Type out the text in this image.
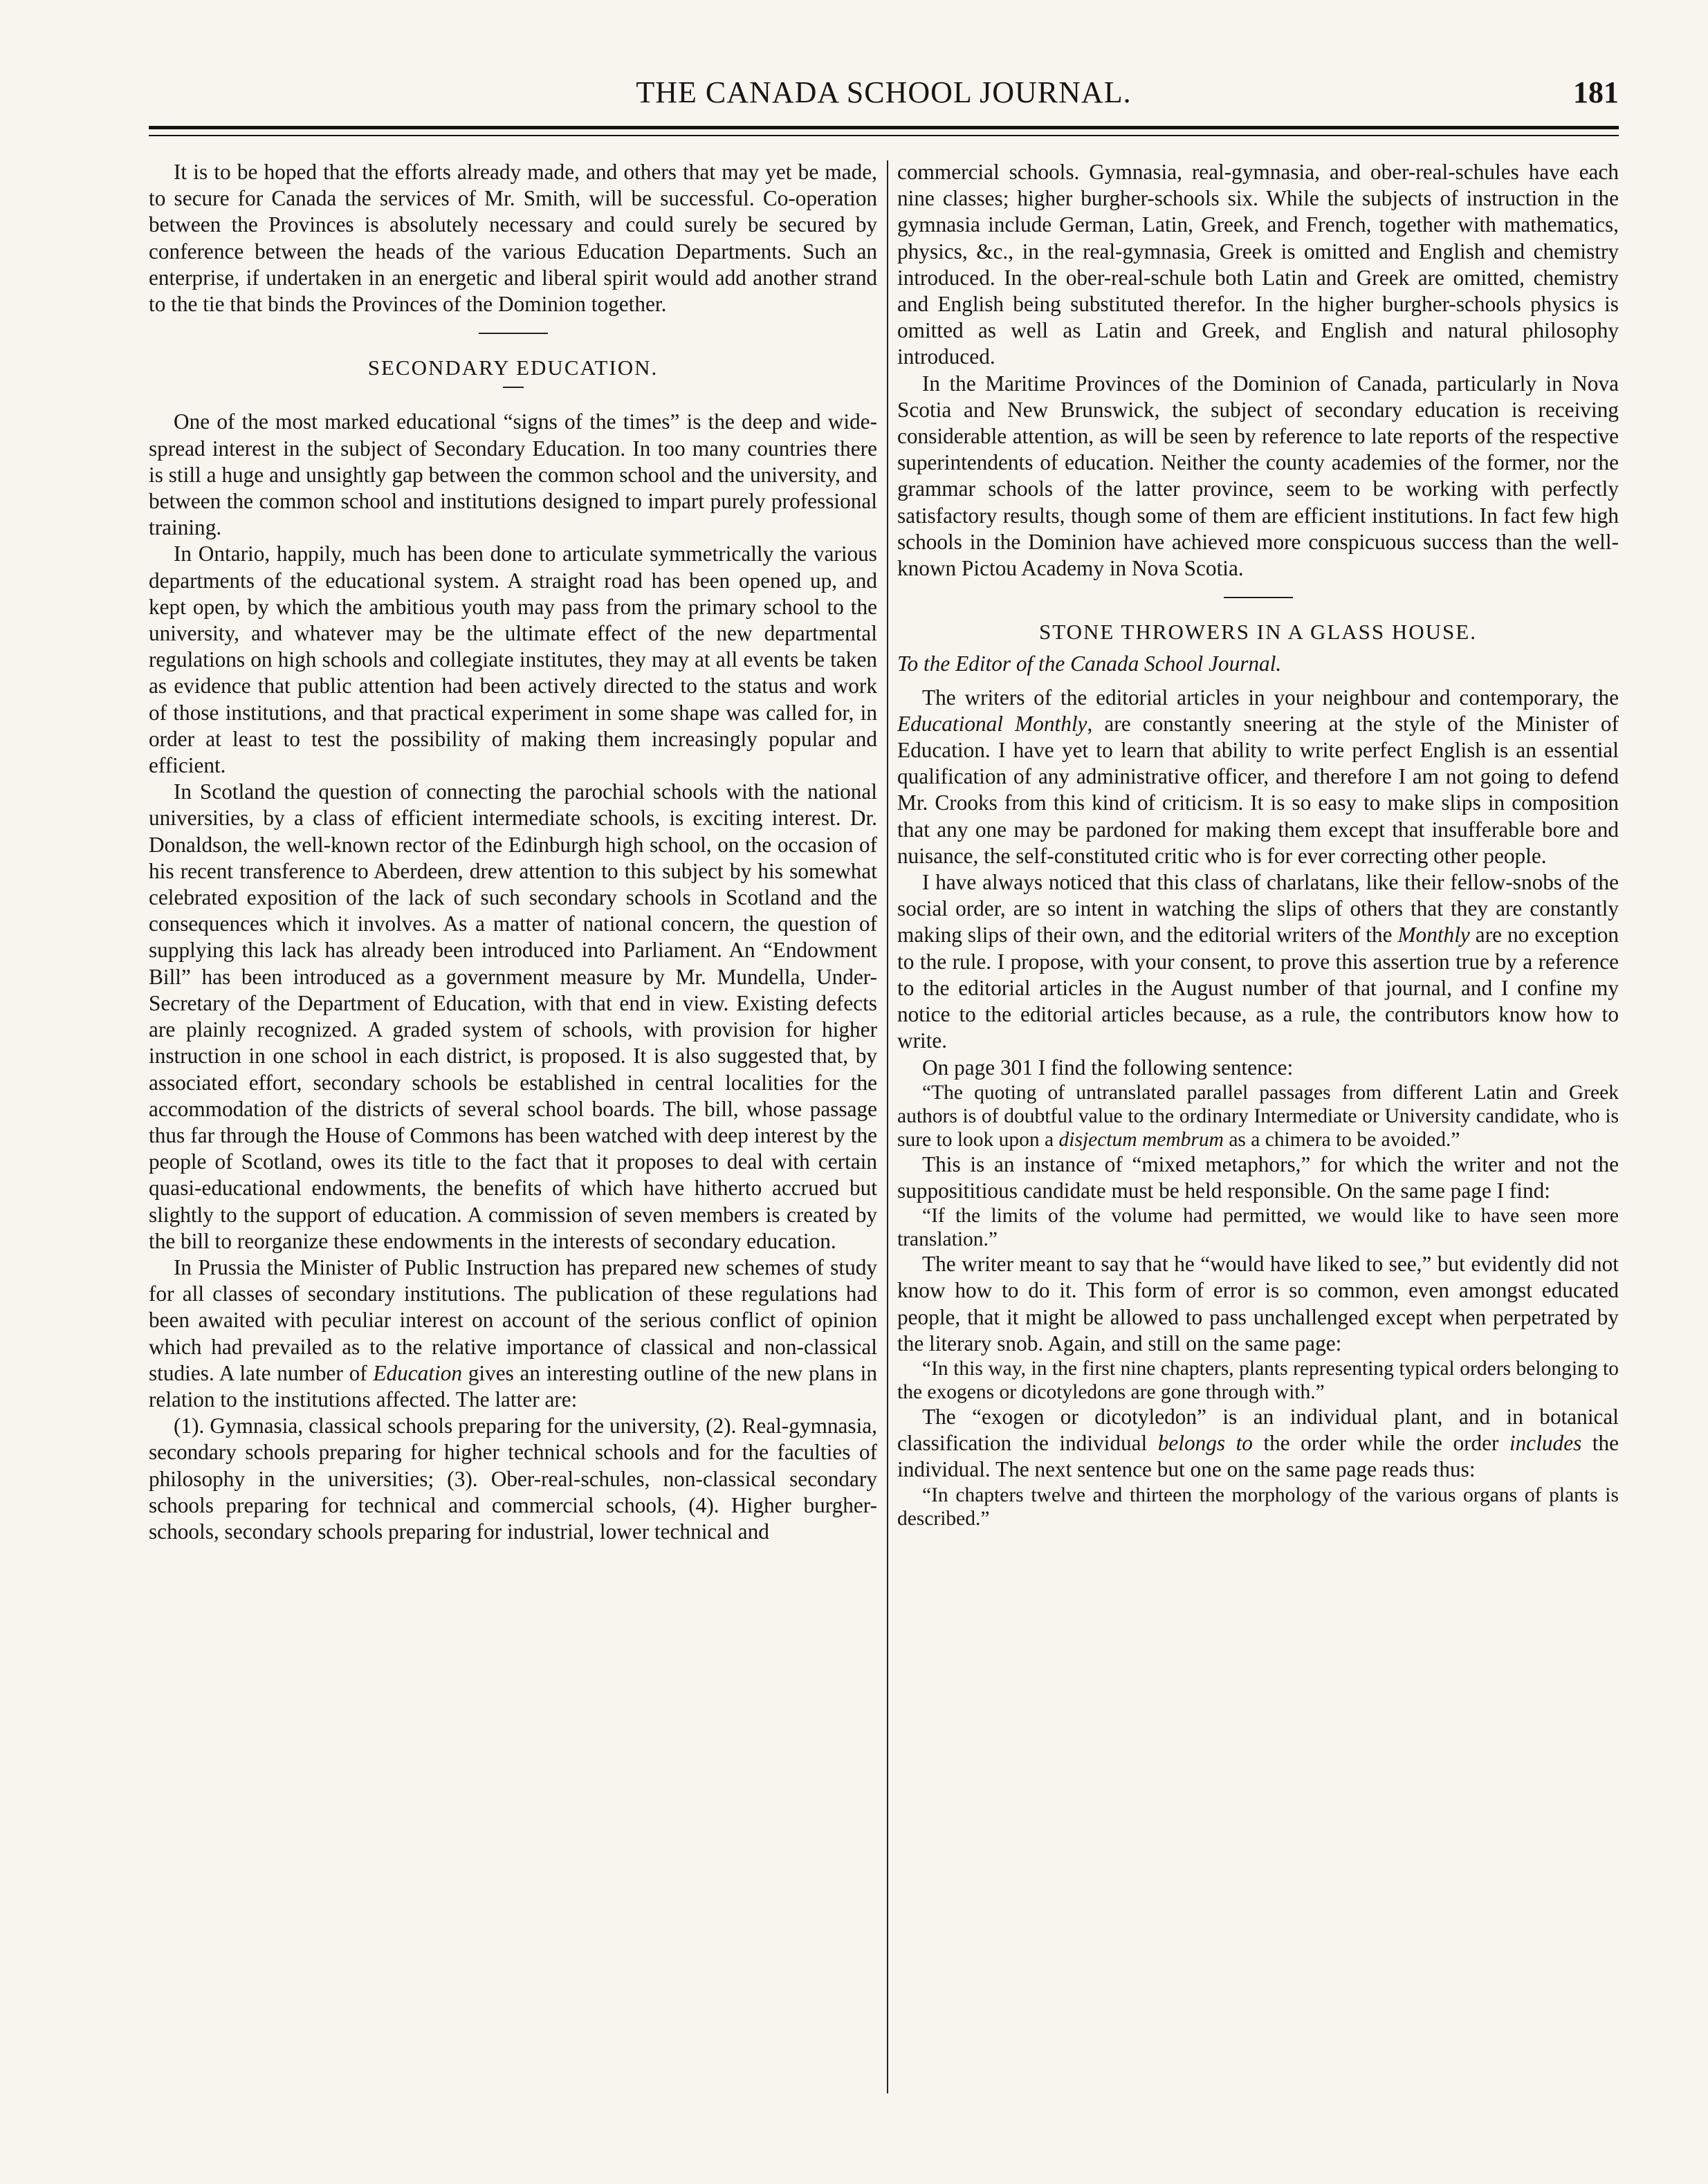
THE CANADA SCHOOL JOURNAL.	181

It is to be hoped that the efforts already made, and others that may yet be made, to secure for Canada the services of Mr. Smith, will be successful. Co-operation between the Provinces is absolutely necessary and could surely be secured by conference between the heads of the various Education Departments. Such an enterprise, if undertaken in an energetic and liberal spirit would add another strand to the tie that binds the Provinces of the Dominion together.

SECONDARY EDUCATION.

One of the most marked educational “signs of the times” is the deep and wide-spread interest in the subject of Secondary Education. In too many countries there is still a huge and unsightly gap between the common school and the university, and between the common school and institutions designed to impart purely professional training.

In Ontario, happily, much has been done to articulate symmetrically the various departments of the educational system. A straight road has been opened up, and kept open, by which the ambitious youth may pass from the primary school to the university, and whatever may be the ultimate effect of the new departmental regulations on high schools and collegiate institutes, they may at all events be taken as evidence that public attention had been actively directed to the status and work of those institutions, and that practical experiment in some shape was called for, in order at least to test the possibility of making them increasingly popular and efficient.

In Scotland the question of connecting the parochial schools with the national universities, by a class of efficient intermediate schools, is exciting interest. Dr. Donaldson, the well-known rector of the Edinburgh high school, on the occasion of his recent transference to Aberdeen, drew attention to this subject by his somewhat celebrated exposition of the lack of such secondary schools in Scotland and the consequences which it involves. As a matter of national concern, the question of supplying this lack has already been introduced into Parliament. An “Endowment Bill” has been introduced as a government measure by Mr. Mundella, Under-Secretary of the Department of Education, with that end in view. Existing defects are plainly recognized. A graded system of schools, with provision for higher instruction in one school in each district, is proposed. It is also suggested that, by associated effort, secondary schools be established in central localities for the accommodation of the districts of several school boards. The bill, whose passage thus far through the House of Commons has been watched with deep interest by the people of Scotland, owes its title to the fact that it proposes to deal with certain quasi-educational endowments, the benefits of which have hitherto accrued but slightly to the support of education. A commission of seven members is created by the bill to reorganize these endowments in the interests of secondary education.

In Prussia the Minister of Public Instruction has prepared new schemes of study for all classes of secondary institutions. The publication of these regulations had been awaited with peculiar interest on account of the serious conflict of opinion which had prevailed as to the relative importance of classical and non-classical studies. A late number of Education gives an interesting outline of the new plans in relation to the institutions affected. The latter are:

(1). Gymnasia, classical schools preparing for the university, (2). Real-gymnasia, secondary schools preparing for higher technical schools and for the faculties of philosophy in the universities; (3). Ober-real-schules, non-classical secondary schools preparing for technical and commercial schools, (4). Higher burgher-schools, secondary schools preparing for industrial, lower technical and

commercial schools. Gymnasia, real-gymnasia, and ober-real-schules have each nine classes; higher burgher-schools six. While the subjects of instruction in the gymnasia include German, Latin, Greek, and French, together with mathematics, physics, &c., in the real-gymnasia, Greek is omitted and English and chemistry introduced. In the ober-real-schule both Latin and Greek are omitted, chemistry and English being substituted therefor. In the higher burgher-schools physics is omitted as well as Latin and Greek, and English and natural philosophy introduced.

In the Maritime Provinces of the Dominion of Canada, particularly in Nova Scotia and New Brunswick, the subject of secondary education is receiving considerable attention, as will be seen by reference to late reports of the respective superintendents of education. Neither the county academies of the former, nor the grammar schools of the latter province, seem to be working with perfectly satisfactory results, though some of them are efficient institutions. In fact few high schools in the Dominion have achieved more conspicuous success than the well-known Pictou Academy in Nova Scotia.

STONE THROWERS IN A GLASS HOUSE.

To the Editor of the Canada School Journal.

The writers of the editorial articles in your neighbour and contemporary, the Educational Monthly, are constantly sneering at the style of the Minister of Education. I have yet to learn that ability to write perfect English is an essential qualification of any administrative officer, and therefore I am not going to defend Mr. Crooks from this kind of criticism. It is so easy to make slips in composition that any one may be pardoned for making them except that insufferable bore and nuisance, the self-constituted critic who is for ever correcting other people.

I have always noticed that this class of charlatans, like their fellow-snobs of the social order, are so intent in watching the slips of others that they are constantly making slips of their own, and the editorial writers of the Monthly are no exception to the rule. I propose, with your consent, to prove this assertion true by a reference to the editorial articles in the August number of that journal, and I confine my notice to the editorial articles because, as a rule, the contributors know how to write.

On page 301 I find the following sentence:

“The quoting of untranslated parallel passages from different Latin and Greek authors is of doubtful value to the ordinary Intermediate or University candidate, who is sure to look upon a disjectum membrum as a chimera to be avoided.”

This is an instance of “mixed metaphors,” for which the writer and not the supposititious candidate must be held responsible. On the same page I find:

“If the limits of the volume had permitted, we would like to have seen more translation.”

The writer meant to say that he “would have liked to see,” but evidently did not know how to do it. This form of error is so common, even amongst educated people, that it might be allowed to pass unchallenged except when perpetrated by the literary snob. Again, and still on the same page:

“In this way, in the first nine chapters, plants representing typical orders belonging to the exogens or dicotyledons are gone through with.”

The “exogen or dicotyledon” is an individual plant, and in botanical classification the individual belongs to the order while the order includes the individual. The next sentence but one on the same page reads thus:

“In chapters twelve and thirteen the morphology of the various organs of plants is described.”
